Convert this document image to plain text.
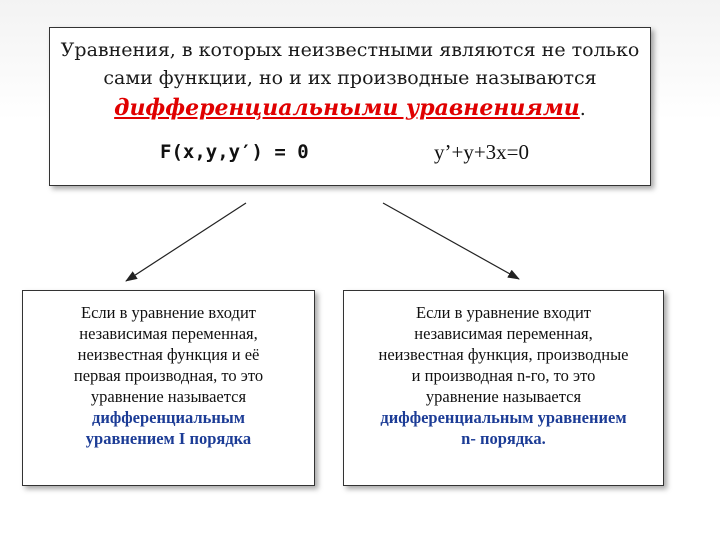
Уравнения, в которых неизвестными являются не только
сами функции, но и их производные называются
дифференциальными уравнениями.
F(x,y,y′) = 0	y’+y+3x=0
Если в уравнение входит
независимая переменная,
неизвестная функция и её
первая производная, то это
уравнение называется
дифференциальным
уравнением I порядка
Если в уравнение входит
независимая переменная,
неизвестная функция, производные
и производная n-го, то это
уравнение называется
дифференциальным уравнением
n- порядка.
